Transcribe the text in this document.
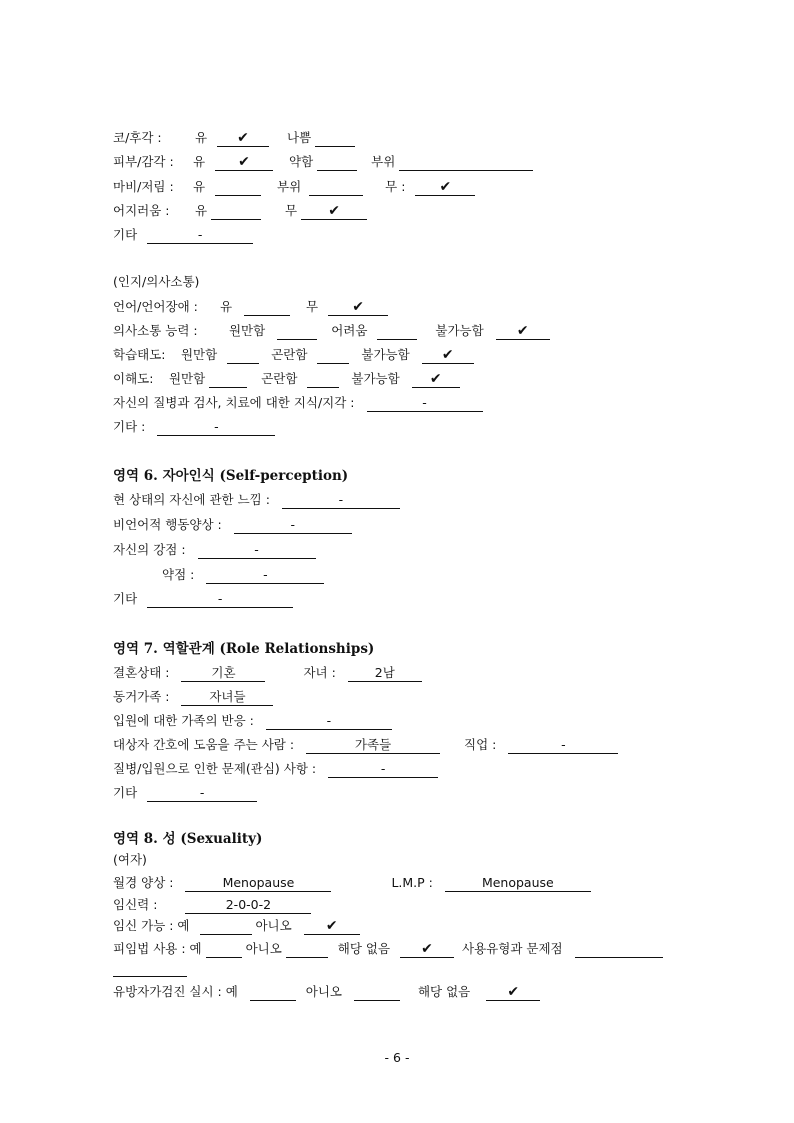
코/후각 :	유 ✔	나쁨
피부/감각 : 유 ✔	약함	부위
마비/저림 : 유	부위	무 : ✔
어지러움 : 유	무 ✔
기타	-
(인지/의사소통)
언어/언어장애 : 유	무 ✔
의사소통 능력 :	원만함	어려움	불가능함 ✔
학습태도: 원만함	곤란함	불가능함 ✔
이해도: 원만함	곤란함	불가능함 ✔
자신의 질병과 검사, 치료에 대한 지식/지각 :	-
기타 :	-
영역 6. 자아인식 (Self-perception)
현 상태의 자신에 관한 느낌 :	-
비언어적 행동양상 :	-
자신의 강점 :	-
약점 :	-
기타	-
영역 7. 역할관계 (Role Relationships)
결혼상태 :	기혼	자녀 :	2남
동거가족 :	자녀들
입원에 대한 가족의 반응 :	-
대상자 간호에 도움을 주는 사람 :	가족들	직업 :	-
질병/입원으로 인한 문제(관심) 사항 :	-
기타	-
영역 8. 성 (Sexuality)
(여자)
월경 양상 :	Menopause	L.M.P :	Menopause
임신력 :	2-0-0-2
임신 가능 : 예	아니오 ✔
피임법 사용 : 예	아니오	해당 없음 ✔ 사용유형과 문제점
유방자가검진 실시 : 예	아니오	해당 없음	✔
- 6 -
